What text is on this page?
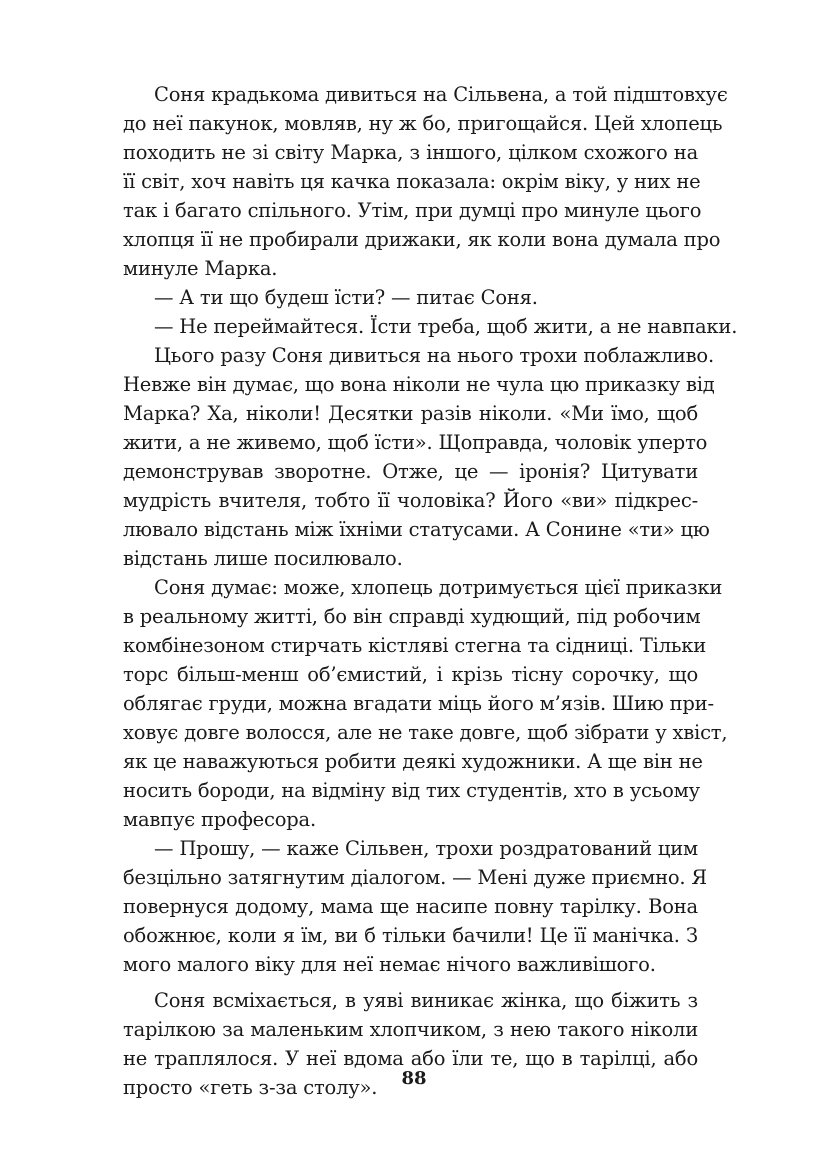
Соня крадькома дивиться на Сільвена, а той підштовхує
до неї пакунок, мовляв, ну ж бо, пригощайся. Цей хлопець
походить не зі світу Марка, з іншого, цілком схожого на
її світ, хоч навіть ця качка показала: окрім віку, у них не
так і багато спільного. Утім, при думці про минуле цього
хлопця її не пробирали дрижаки, як коли вона думала про
минуле Марка.
— А ти що будеш їсти? — питає Соня.
— Не переймайтеся. Їсти треба, щоб жити, а не навпаки.
Цього разу Соня дивиться на нього трохи поблажливо.
Невже він думає, що вона ніколи не чула цю приказку від
Марка? Ха, ніколи! Десятки разів ніколи. «Ми їмо, щоб
жити, а не живемо, щоб їсти». Щоправда, чоловік уперто
демонстрував зворотне. Отже, це — іронія? Цитувати
мудрість вчителя, тобто її чоловіка? Його «ви» підкрес-
лювало відстань між їхніми статусами. А Сонине «ти» цю
відстань лише посилювало.
Соня думає: може, хлопець дотримується цієї приказки
в реальному житті, бо він справді худющий, під робочим
комбінезоном стирчать кістляві стегна та сідниці. Тільки
торс більш-менш об’ємистий, і крізь тісну сорочку, що
облягає груди, можна вгадати міць його м’язів. Шию при-
ховує довге волосся, але не таке довге, щоб зібрати у хвіст,
як це наважуються робити деякі художники. А ще він не
носить бороди, на відміну від тих студентів, хто в усьому
мавпує професора.
— Прошу, — каже Сільвен, трохи роздратований цим
безцільно затягнутим діалогом. — Мені дуже приємно. Я
повернуся додому, мама ще насипе повну тарілку. Вона
обожнює, коли я їм, ви б тільки бачили! Це її манічка. З
мого малого віку для неї немає нічого важливішого.
Соня всміхається, в уяві виникає жінка, що біжить з
тарілкою за маленьким хлопчиком, з нею такого ніколи
не траплялося. У неї вдома або їли те, що в тарілці, або
просто «геть з-за столу».	88
